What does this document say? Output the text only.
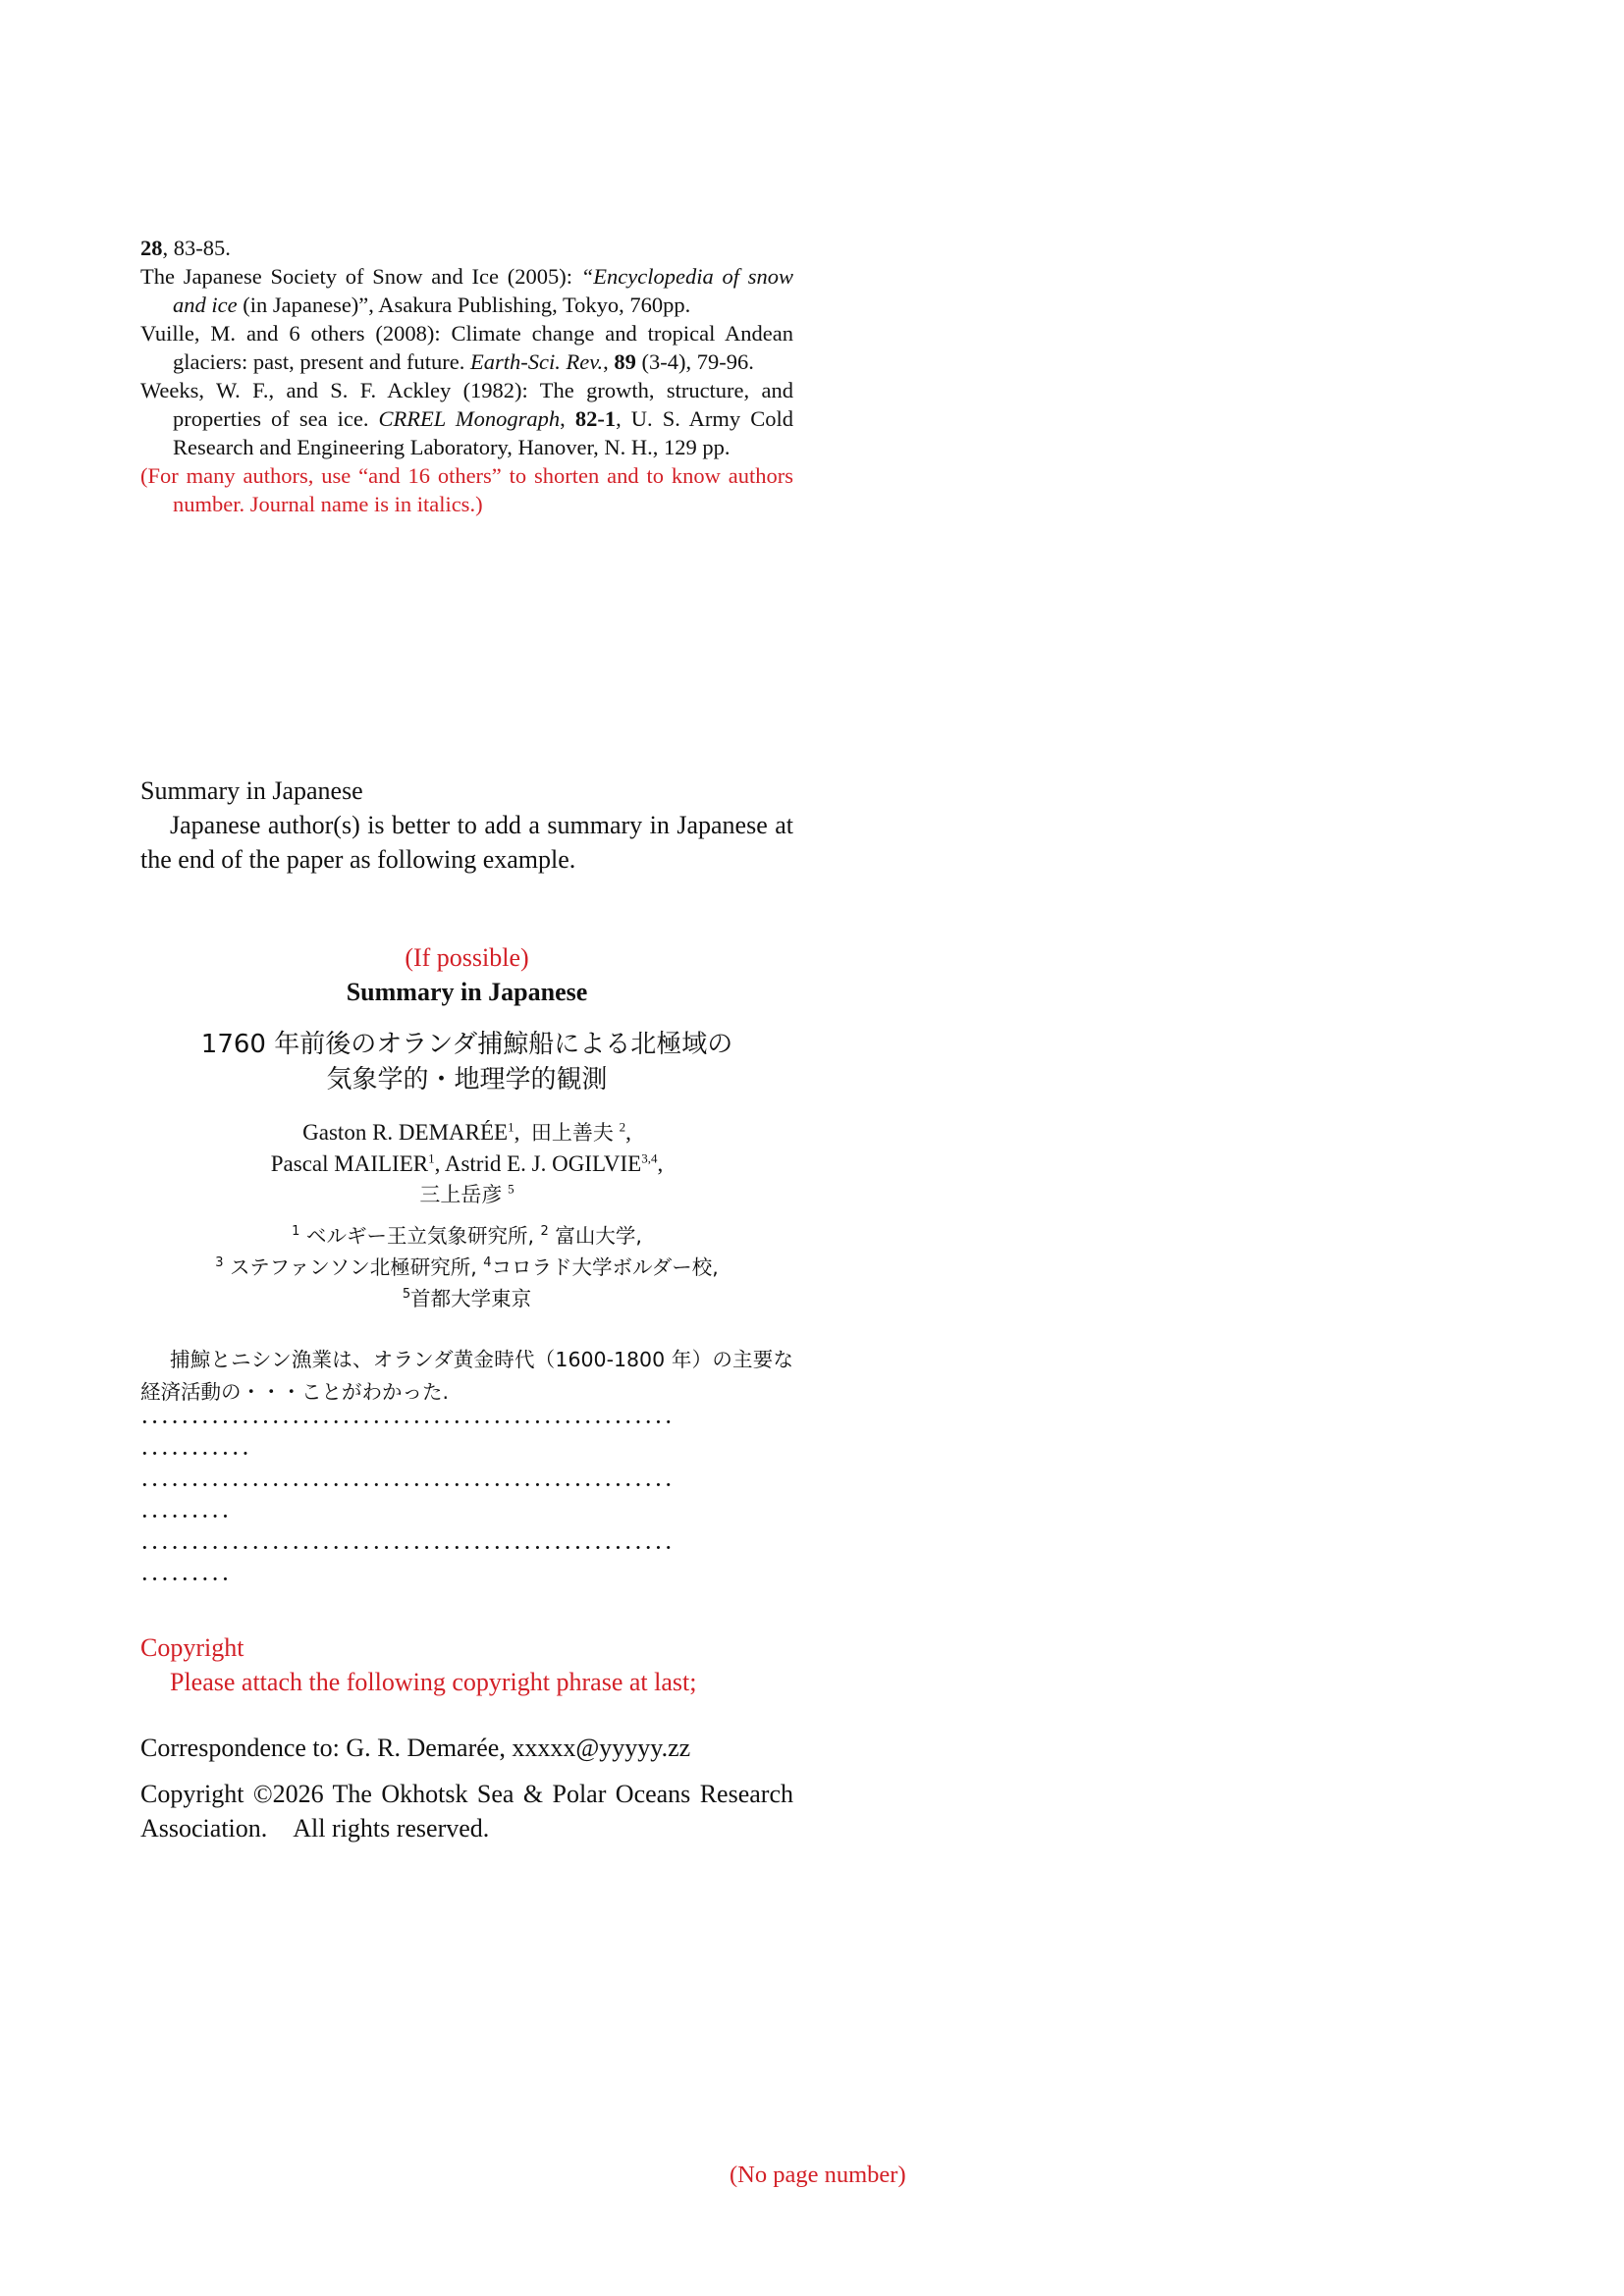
28, 83-85.

The Japanese Society of Snow and Ice (2005): “Encyclopedia of snow and ice (in Japanese)”, Asakura Publishing, Tokyo, 760pp.

Vuille, M. and 6 others (2008): Climate change and tropical Andean glaciers: past, present and future. Earth-Sci. Rev., 89 (3-4), 79-96.

Weeks, W. F., and S. F. Ackley (1982): The growth, structure, and properties of sea ice. CRREL Monograph, 82-1, U. S. Army Cold Research and Engineering Laboratory, Hanover, N. H., 129 pp.

(For many authors, use “and 16 others” to shorten and to know authors number. Journal name is in italics.)

Summary in Japanese
Japanese author(s) is better to add a summary in Japanese at the end of the paper as following example.
(If possible)
Summary in Japanese
1760 年前後のオランダ捕鯨船による北極域の
気象学的・地理学的観測
Gaston R. DEMARÉE$^1$,  田上善夫 $^2$,
Pascal MAILIER$^1$, Astrid E. J. OGILVIE$^{3,4}$,
三上岳彦 $^5$
$^1$ ベルギー王立気象研究所, $^2$ 富山大学,
$^3$ ステファンソン北極研究所, $^4$コロラド大学ボルダー校,
$^5$首都大学東京
捕鯨とニシン漁業は、オランダ黄金時代（1600-1800 年）の主要な経済活動の・・・ことがわかった.
·····················································
···········
·····················································
·········
·····················································
·········
Copyright
Please attach the following copyright phrase at last;
Correspondence to: G. R. Demarée, xxxxx@yyyyy.zz
Copyright ©2026 The Okhotsk Sea & Polar Oceans Research Association.    All rights reserved.
(No page number)
